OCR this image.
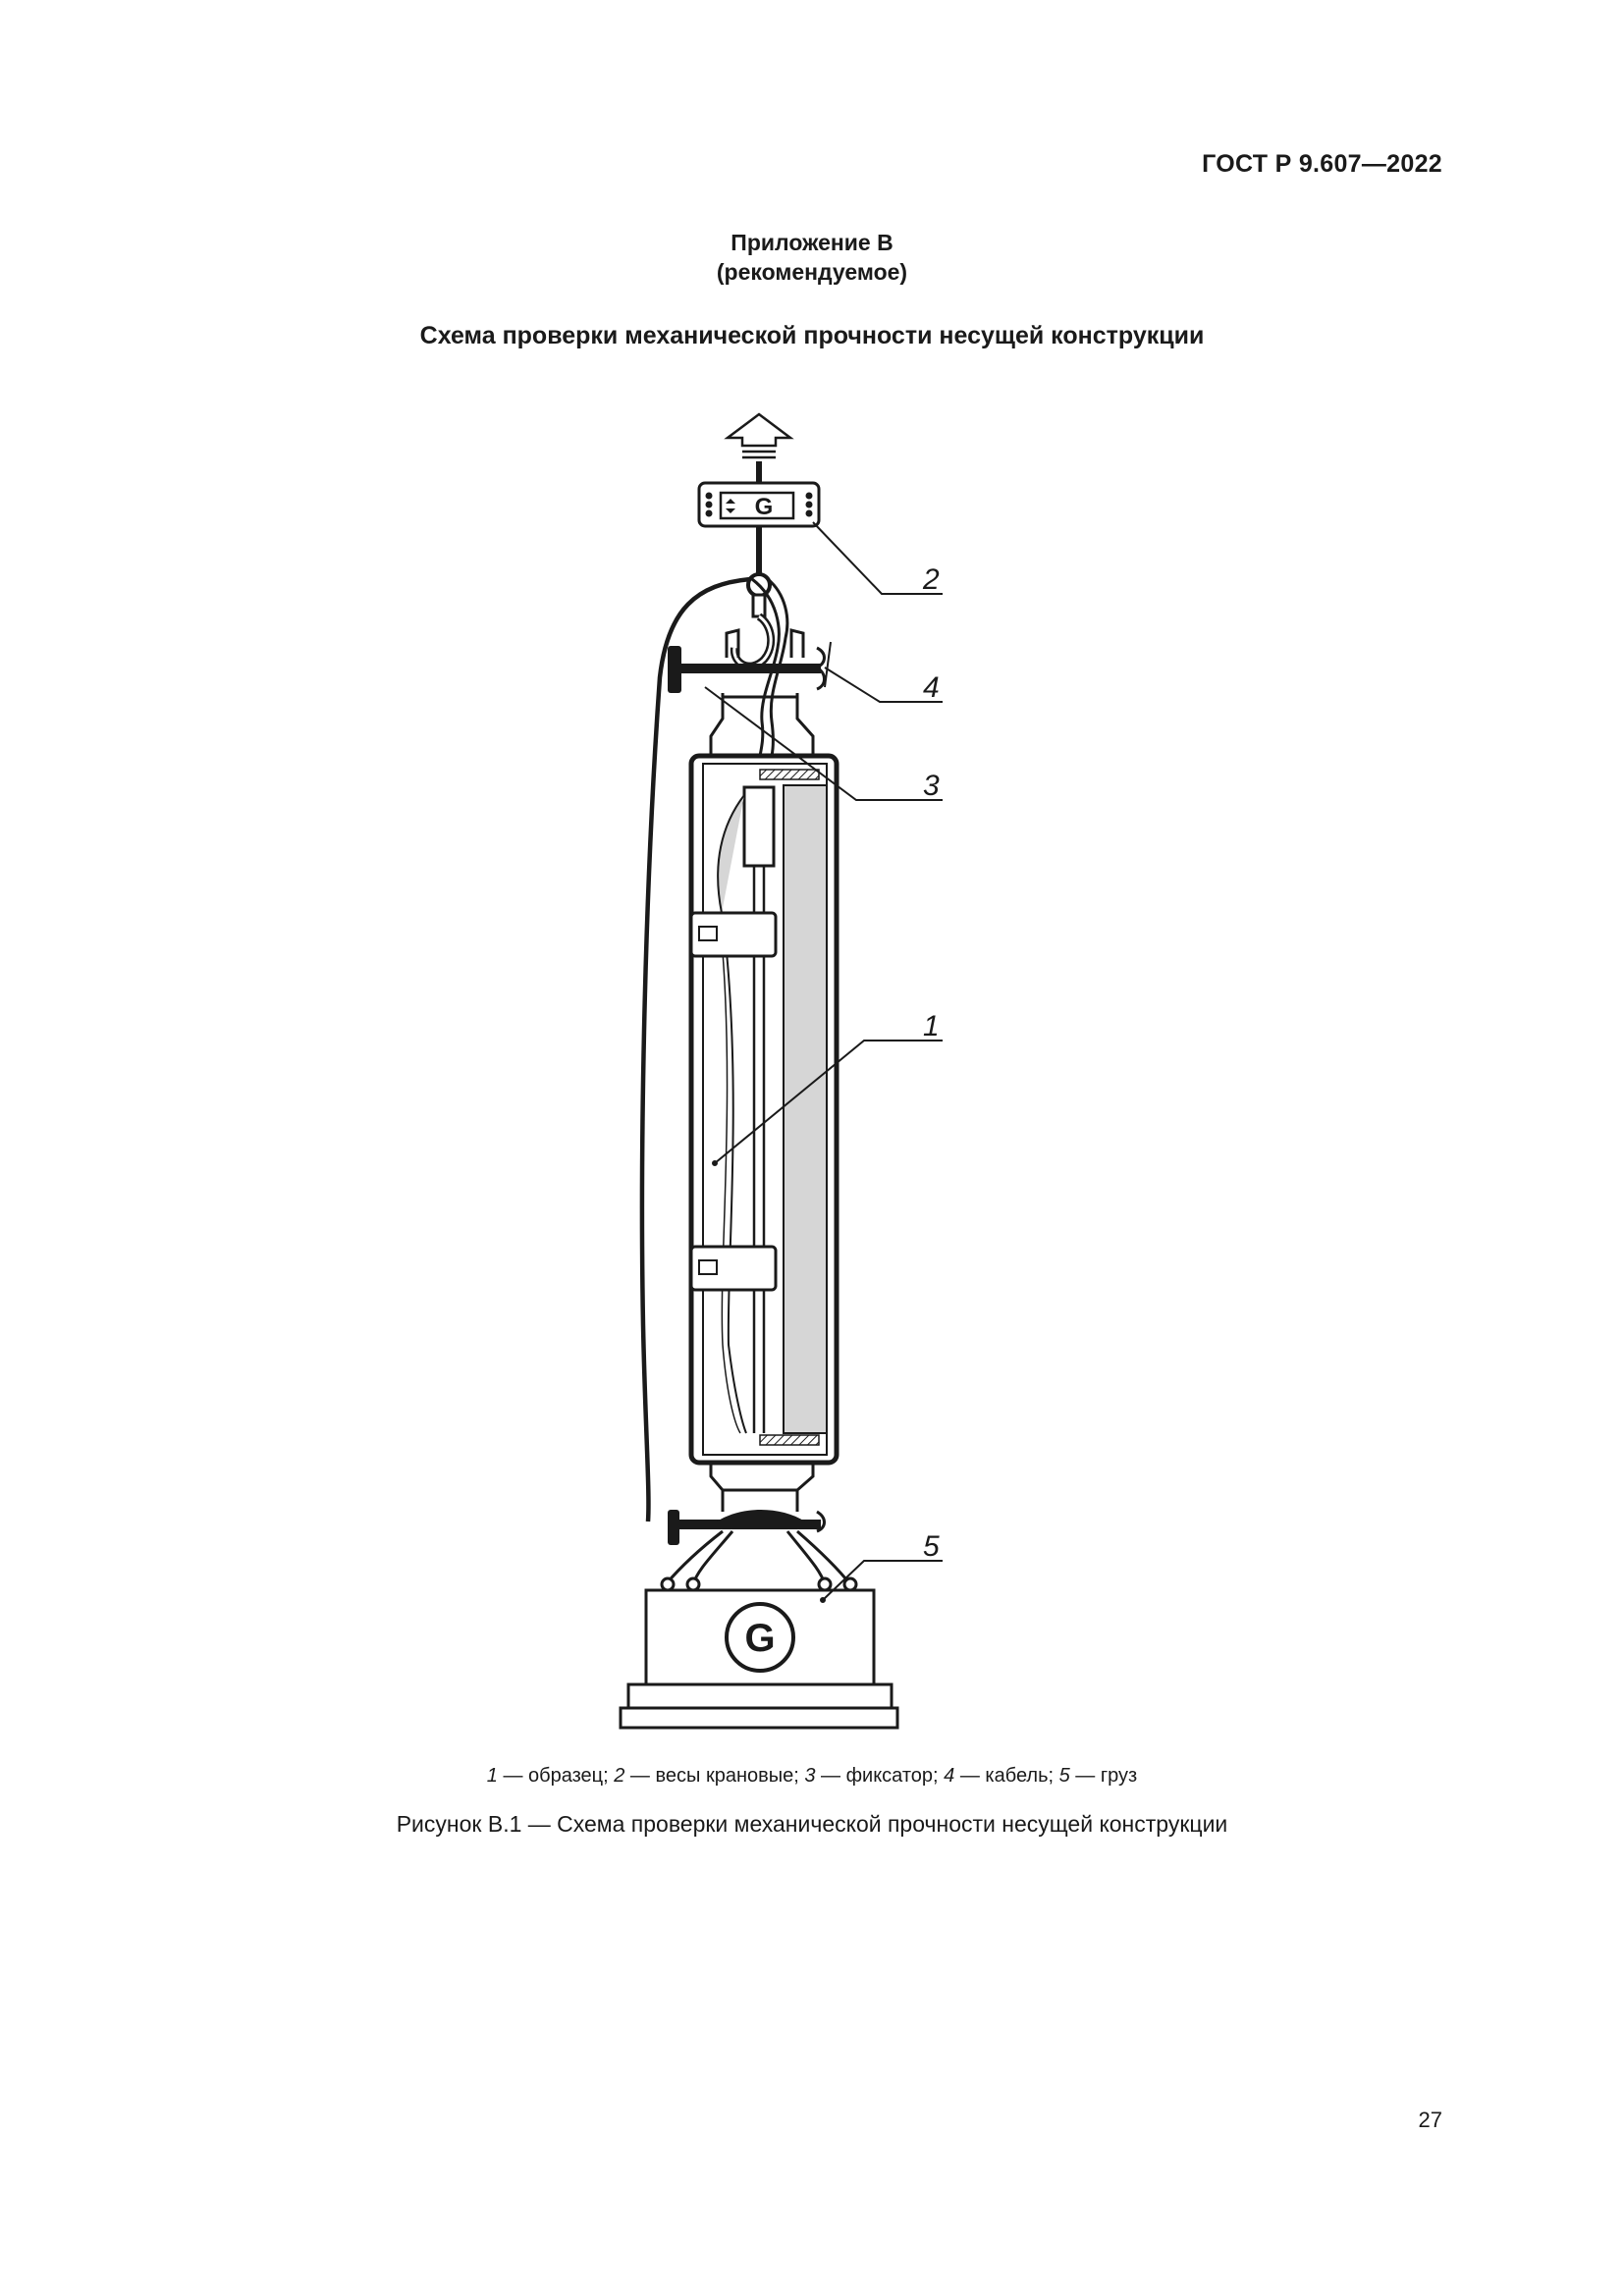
ГОСТ Р 9.607—2022
Приложение В
(рекомендуемое)
Схема проверки механической прочности несущей конструкции
G
G
2
4
3
1
5
1 — образец; 2 — весы крановые; 3 — фиксатор; 4 — кабель; 5 — груз
Рисунок В.1 — Схема проверки механической прочности несущей конструкции
27
